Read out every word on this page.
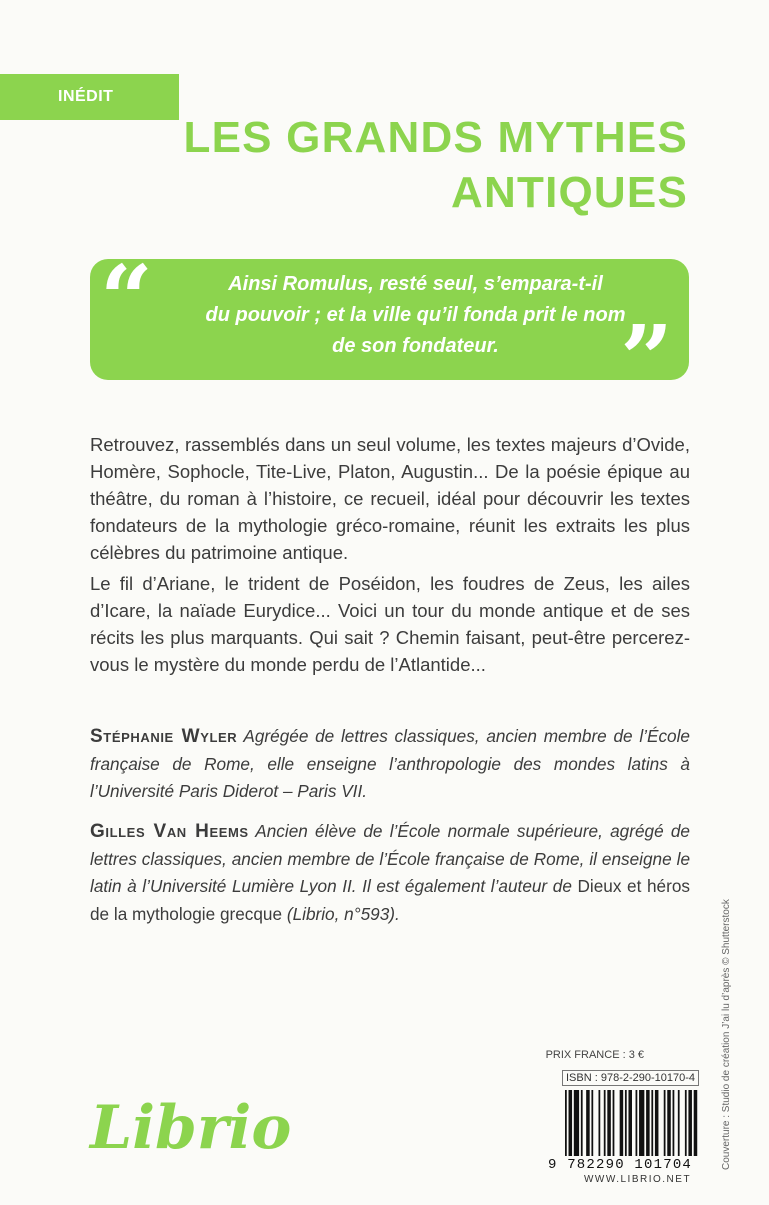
INÉDIT
LES GRANDS MYTHES
ANTIQUES
“	Ainsi Romulus, resté seul, s’empara-t-il
du pouvoir ; et la ville qu’il fonda prit le nom
de son fondateur.	”

Retrouvez, rassemblés dans un seul volume, les textes majeurs d’Ovide, Homère, Sophocle, Tite-Live, Platon, Augustin... De la poésie épique au théâtre, du roman à l’histoire, ce recueil, idéal pour découvrir les textes fondateurs de la mythologie gréco-romaine, réunit les extraits les plus célèbres du patrimoine antique.

Le fil d’Ariane, le trident de Poséidon, les foudres de Zeus, les ailes d’Icare, la naïade Eurydice... Voici un tour du monde antique et de ses récits les plus marquants. Qui sait ? Chemin faisant, peut-être percerez-vous le mystère du monde perdu de l’Atlantide...

Stéphanie Wyler Agrégée de lettres classiques, ancien membre de l’École française de Rome, elle enseigne l’anthropologie des mondes latins à l’Université Paris Diderot – Paris VII.

Gilles Van Heems Ancien élève de l’École normale supérieure, agrégé de lettres classiques, ancien membre de l’École française de Rome, il enseigne le latin à l’Université Lumière Lyon II. Il est également l’auteur de Dieux et héros de la mythologie grecque (Librio, n°593).

Librio
PRIX FRANCE : 3 €
ISBN : 978-2-290-10170-4
9 782290 101704
WWW.LIBRIO.NET
Couverture : Studio de création J’ai lu d’après © Shutterstock
